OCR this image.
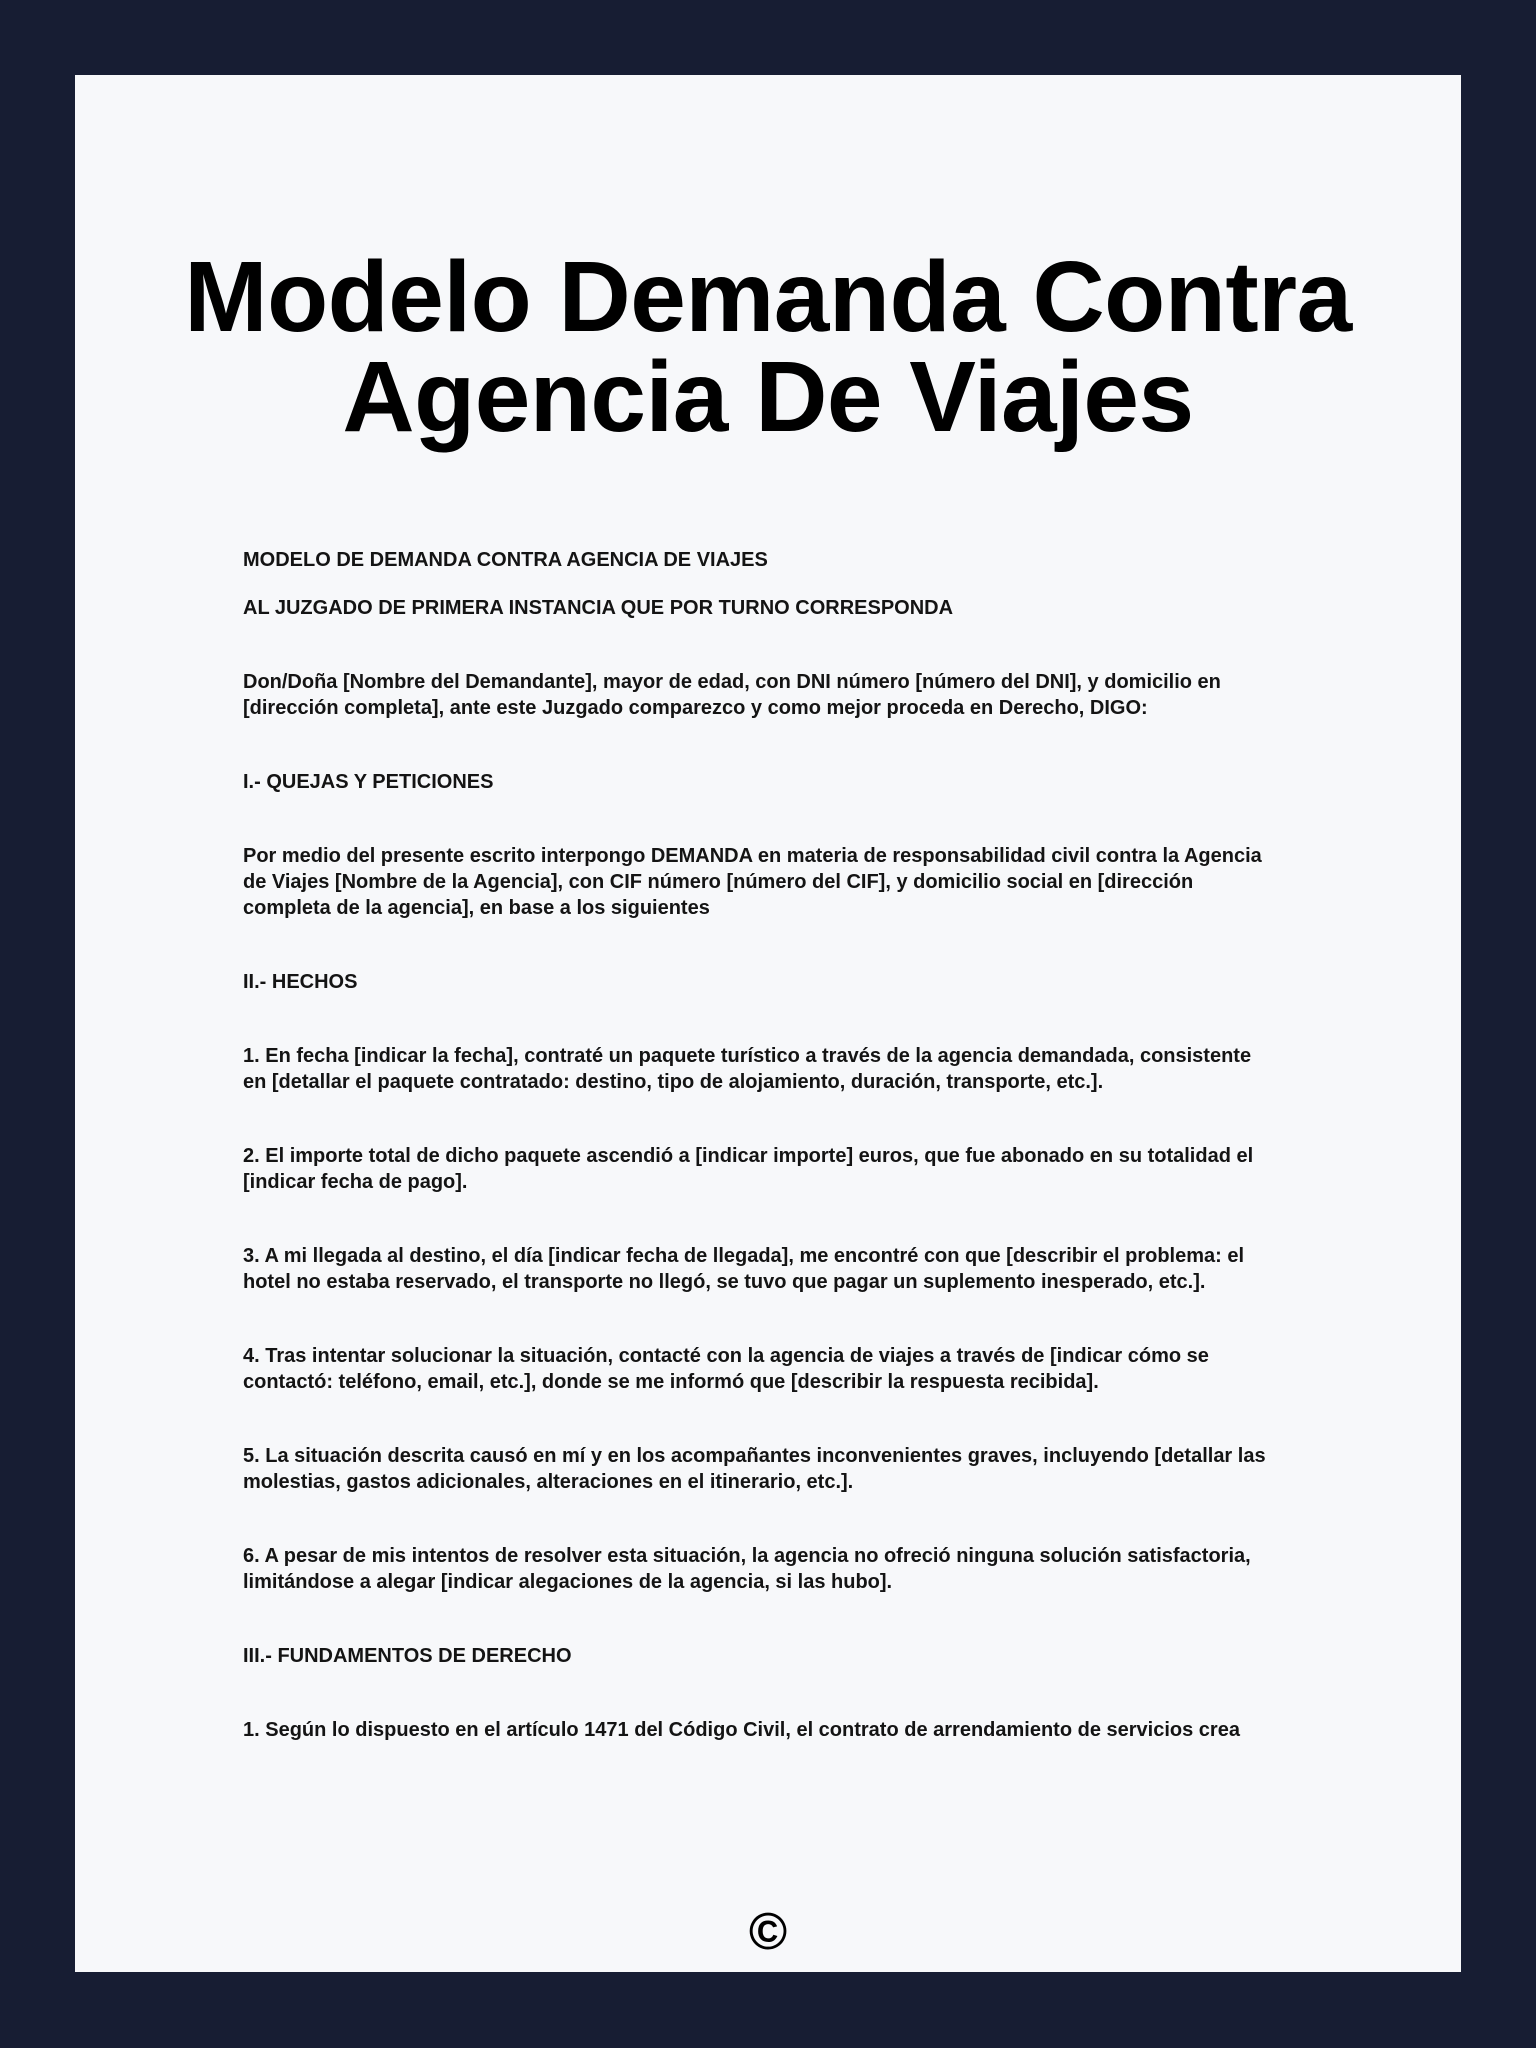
Modelo Demanda Contra
Agencia De Viajes

MODELO DE DEMANDA CONTRA AGENCIA DE VIAJES

AL JUZGADO DE PRIMERA INSTANCIA QUE POR TURNO CORRESPONDA

Don/Doña [Nombre del Demandante], mayor de edad, con DNI número [número del DNI], y domicilio en [dirección completa], ante este Juzgado comparezco y como mejor proceda en Derecho, DIGO:

I.- QUEJAS Y PETICIONES

Por medio del presente escrito interpongo DEMANDA en materia de responsabilidad civil contra la Agencia de Viajes [Nombre de la Agencia], con CIF número [número del CIF], y domicilio social en [dirección completa de la agencia], en base a los siguientes

II.- HECHOS

1. En fecha [indicar la fecha], contraté un paquete turístico a través de la agencia demandada, consistente en [detallar el paquete contratado: destino, tipo de alojamiento, duración, transporte, etc.].

2. El importe total de dicho paquete ascendió a [indicar importe] euros, que fue abonado en su totalidad el [indicar fecha de pago].

3. A mi llegada al destino, el día [indicar fecha de llegada], me encontré con que [describir el problema: el hotel no estaba reservado, el transporte no llegó, se tuvo que pagar un suplemento inesperado, etc.].

4. Tras intentar solucionar la situación, contacté con la agencia de viajes a través de [indicar cómo se contactó: teléfono, email, etc.], donde se me informó que [describir la respuesta recibida].

5. La situación descrita causó en mí y en los acompañantes inconvenientes graves, incluyendo [detallar las molestias, gastos adicionales, alteraciones en el itinerario, etc.].

6. A pesar de mis intentos de resolver esta situación, la agencia no ofreció ninguna solución satisfactoria, limitándose a alegar [indicar alegaciones de la agencia, si las hubo].

III.- FUNDAMENTOS DE DERECHO

1. Según lo dispuesto en el artículo 1471 del Código Civil, el contrato de arrendamiento de servicios crea

©
